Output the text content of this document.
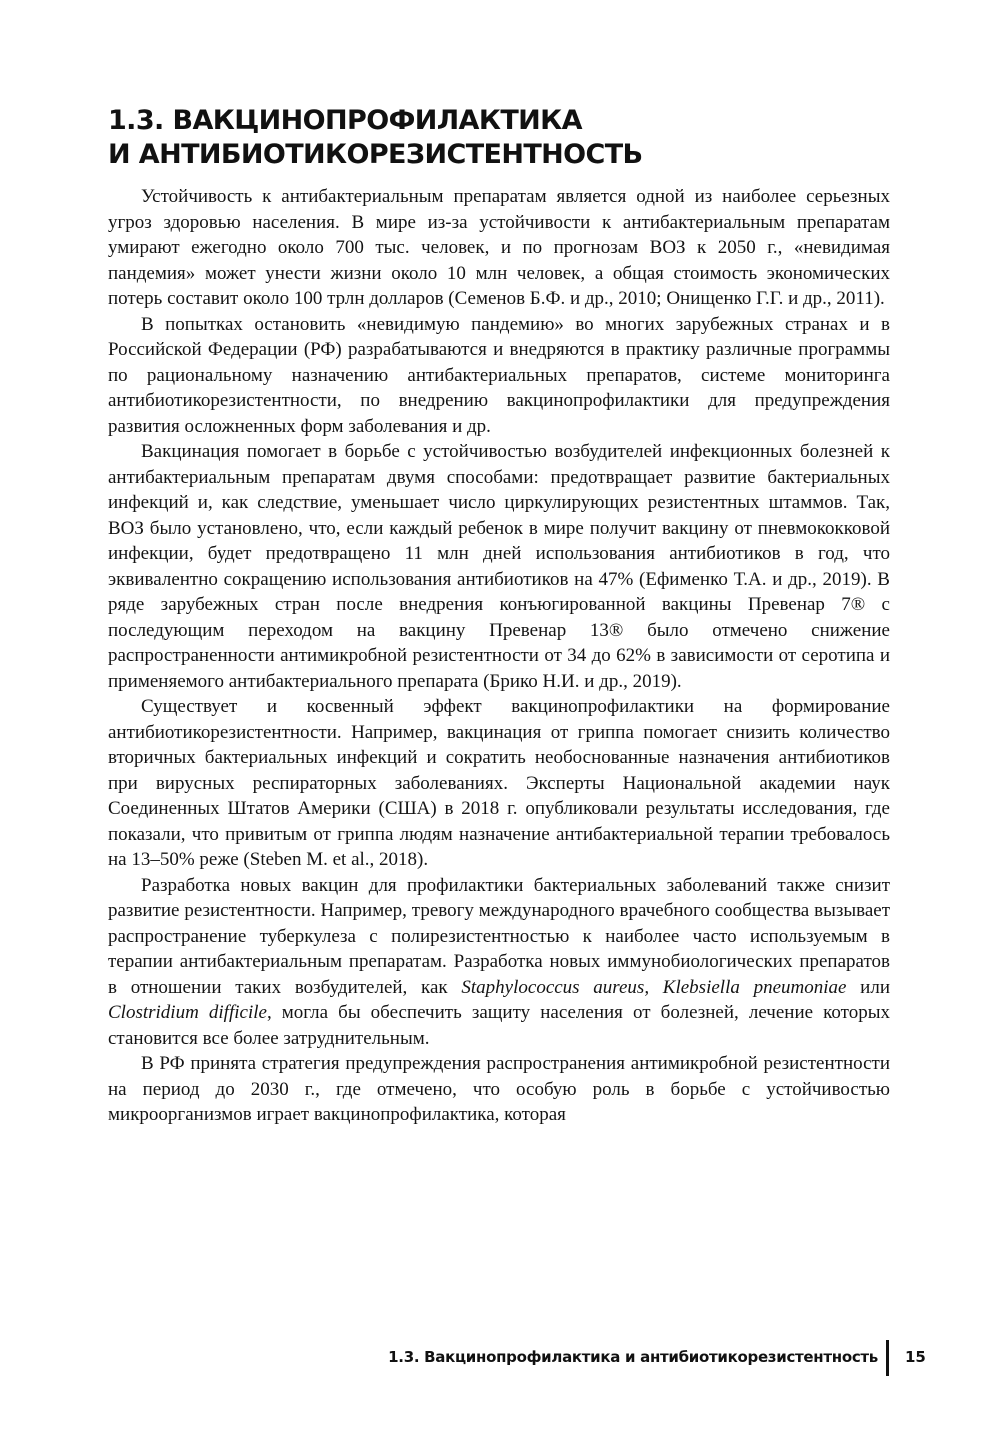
1.3. ВАКЦИНОПРОФИЛАКТИКА
И АНТИБИОТИКОРЕЗИСТЕНТНОСТЬ

Устойчивость к антибактериальным препаратам является одной из наиболее серьезных угроз здоровью населения. В мире из-за устойчивости к антибактериальным препаратам умирают ежегодно около 700 тыс. человек, и по прогнозам ВОЗ к 2050 г., «невидимая пандемия» может унести жизни около 10 млн человек, а общая стоимость экономических потерь составит около 100 трлн долларов (Семенов Б.Ф. и др., 2010; Онищенко Г.Г. и др., 2011).

В попытках остановить «невидимую пандемию» во многих зарубежных странах и в Российской Федерации (РФ) разрабатываются и внедряются в практику различные программы по рациональному назначению антибактериальных препаратов, системе мониторинга антибиотикорезистентности, по внедрению вакцинопрофилактики для предупреждения развития осложненных форм заболевания и др.

Вакцинация помогает в борьбе с устойчивостью возбудителей инфекционных болезней к антибактериальным препаратам двумя способами: предотвращает развитие бактериальных инфекций и, как следствие, уменьшает число циркулирующих резистентных штаммов. Так, ВОЗ было установлено, что, если каждый ребенок в мире получит вакцину от пневмококковой инфекции, будет предотвращено 11 млн дней использования антибиотиков в год, что эквивалентно сокращению использования антибиотиков на 47% (Ефименко Т.А. и др., 2019). В ряде зарубежных стран после внедрения конъюгированной вакцины Превенар 7® с последующим переходом на вакцину Превенар 13® было отмечено снижение распространенности антимикробной резистентности от 34 до 62% в зависимости от серотипа и применяемого антибактериального препарата (Брико Н.И. и др., 2019).

Существует и косвенный эффект вакцинопрофилактики на формирование антибиотикорезистентности. Например, вакцинация от гриппа помогает снизить количество вторичных бактериальных инфекций и сократить необоснованные назначения антибиотиков при вирусных респираторных заболеваниях. Эксперты Национальной академии наук Соединенных Штатов Америки (США) в 2018 г. опубликовали результаты исследования, где показали, что привитым от гриппа людям назначение антибактериальной терапии требовалось на 13–50% реже (Steben M. et al., 2018).

Разработка новых вакцин для профилактики бактериальных заболеваний также снизит развитие резистентности. Например, тревогу международного врачебного сообщества вызывает распространение туберкулеза с полирезистентностью к наиболее часто используемым в терапии антибактериальным препаратам. Разработка новых иммунобиологических препаратов в отношении таких возбудителей, как Staphylococcus aureus, Klebsiella pneumoniae или Clostridium difficile, могла бы обеспечить защиту населения от болезней, лечение которых становится все более затруднительным.

В РФ принята стратегия предупреждения распространения антимикробной резистентности на период до 2030 г., где отмечено, что особую роль в борьбе с устойчивостью микроорганизмов играет вакцинопрофилактика, которая

1.3. Вакцинопрофилактика и антибиотикорезистентность 15
